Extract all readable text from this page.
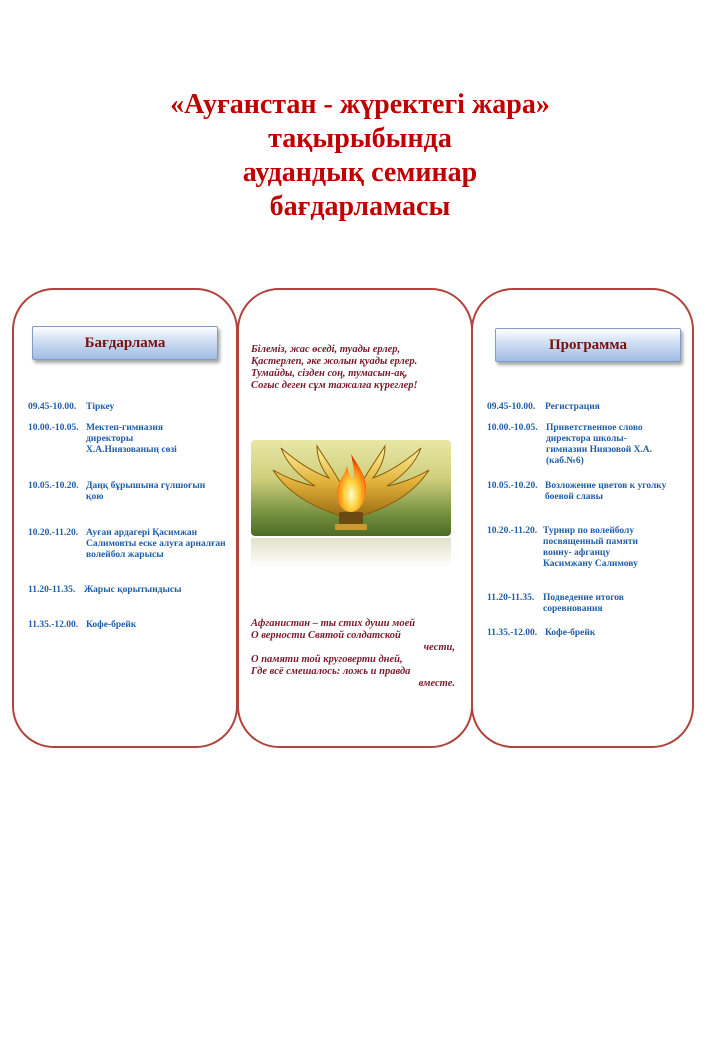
«Ауғанстан - жүректегі жара»
тақырыбында
аудандық семинар
бағдарламасы
Бағдарлама
09.45-10.00. Тіркеу
10.00.-10.05. Мектеп-гимназия директоры Х.А.Ниязованың сөзі
10.05.-10.20. Даңқ бұрышына гүлшоғын қою
10.20.-11.20. Ауған ардагері Қасимжан Салимовты еске алуға арналған волейбол жарысы
11.20-11.35. Жарыс қорытындысы
11.35.-12.00. Кофе-брейк
Білеміз, жас өседі, туады ерлер,
Қастерлеп, әке жолын қуады ерлер.
Тумайды, сізден соң, тумасын-ақ,
Соғыс деген сұм тажалға күреглер!
Афганистан – ты стих души моей
О верности Святой солдатской
чести,
О памяти той круговерти дней,
Где всё смешалось: ложь и правда
вместе.
Программа
09.45-10.00. Регистрация
10.00.-10.05. Приветственное слово директора школы-гимназии Ниязовой Х.А. (каб.№6)
10.05.-10.20. Возложение цветов к уголку боевой славы
10.20.-11.20. Турнир по волейболу посвященный памяти воину- афганцу Касимжану Салимову
11.20-11.35. Подведение итогов соревнования
11.35.-12.00. Кофе-брейк
